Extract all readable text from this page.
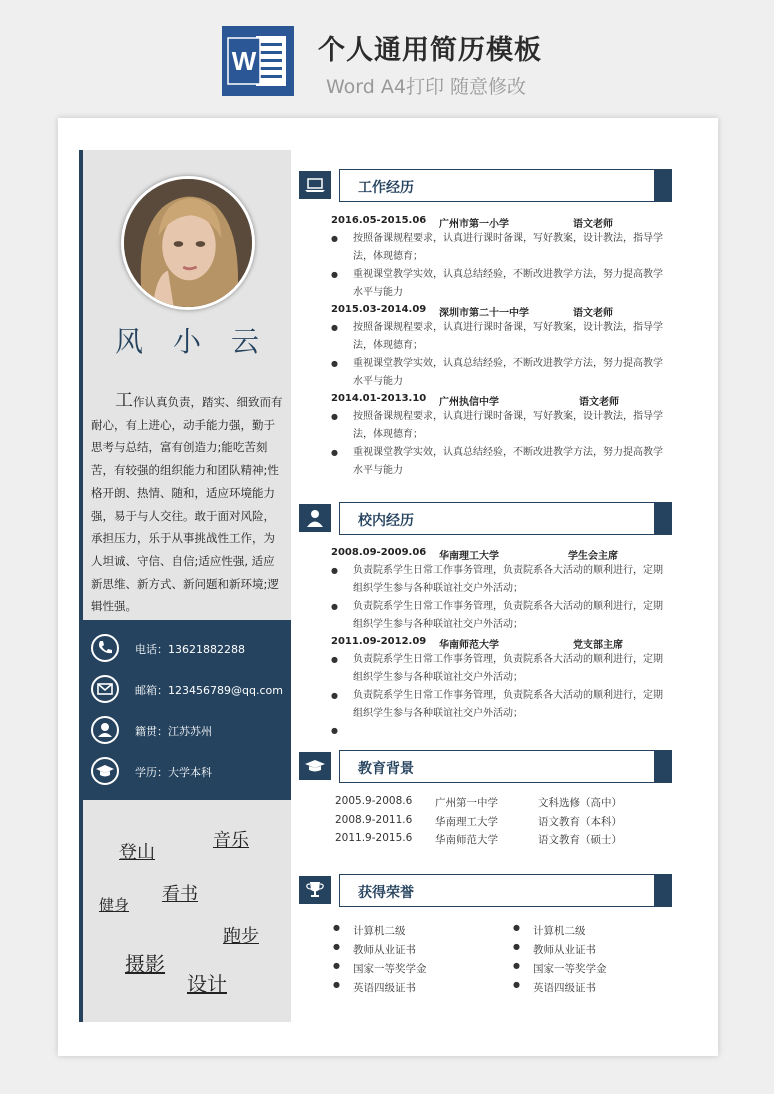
W 个人通用简历模板
Word A4打印 随意修改
风小云
工作认真负责，踏实、细致而有耐心，有上进心，动手能力强，勤于思考与总结，富有创造力;能吃苦刻苦，有较强的组织能力和团队精神;性格开朗、热情、随和，适应环境能力强，易于与人交往。敢于面对风险，承担压力，乐于从事挑战性工作，为人坦诚、守信、自信;适应性强, 适应新思维、新方式、新问题和新环境;逻辑性强。
电话：13621882288
邮箱：123456789@qq.com
籍贯：江苏苏州
学历：大学本科
登山
音乐
看书
健身
跑步
摄影
设计
工作经历
2016.05-2015.06 广州市第一小学	语文老师
● 按照备课规程要求，认真进行课时备课，写好教案，设计教法，指导学法，体现德育；
● 重视课堂教学实效，认真总结经验，不断改进教学方法，努力提高教学水平与能力
2015.03-2014.09 深圳市第二十一中学	语文老师
● 按照备课规程要求，认真进行课时备课，写好教案，设计教法，指导学法，体现德育；
● 重视课堂教学实效，认真总结经验，不断改进教学方法，努力提高教学水平与能力
2014.01-2013.10 广州执信中学	语文老师
● 按照备课规程要求，认真进行课时备课，写好教案，设计教法，指导学法，体现德育；
● 重视课堂教学实效，认真总结经验，不断改进教学方法，努力提高教学水平与能力
校内经历
2008.09-2009.06 华南理工大学	学生会主席
● 负责院系学生日常工作事务管理，负责院系各大活动的顺利进行，定期组织学生参与各种联谊社交户外活动；
● 负责院系学生日常工作事务管理，负责院系各大活动的顺利进行，定期组织学生参与各种联谊社交户外活动；
2011.09-2012.09 华南师范大学	党支部主席
● 负责院系学生日常工作事务管理，负责院系各大活动的顺利进行，定期组织学生参与各种联谊社交户外活动；
● 负责院系学生日常工作事务管理，负责院系各大活动的顺利进行，定期组织学生参与各种联谊社交户外活动；
●
教育背景
2005.9-2008.6 广州第一中学	文科选修（高中）
2008.9-2011.6 华南理工大学	语文教育（本科）
2011.9-2015.6 华南师范大学	语文教育（硕士）
获得荣誉
● 计算机二级
● 教师从业证书
● 国家一等奖学金
● 英语四级证书
● 计算机二级
● 教师从业证书
● 国家一等奖学金
● 英语四级证书
